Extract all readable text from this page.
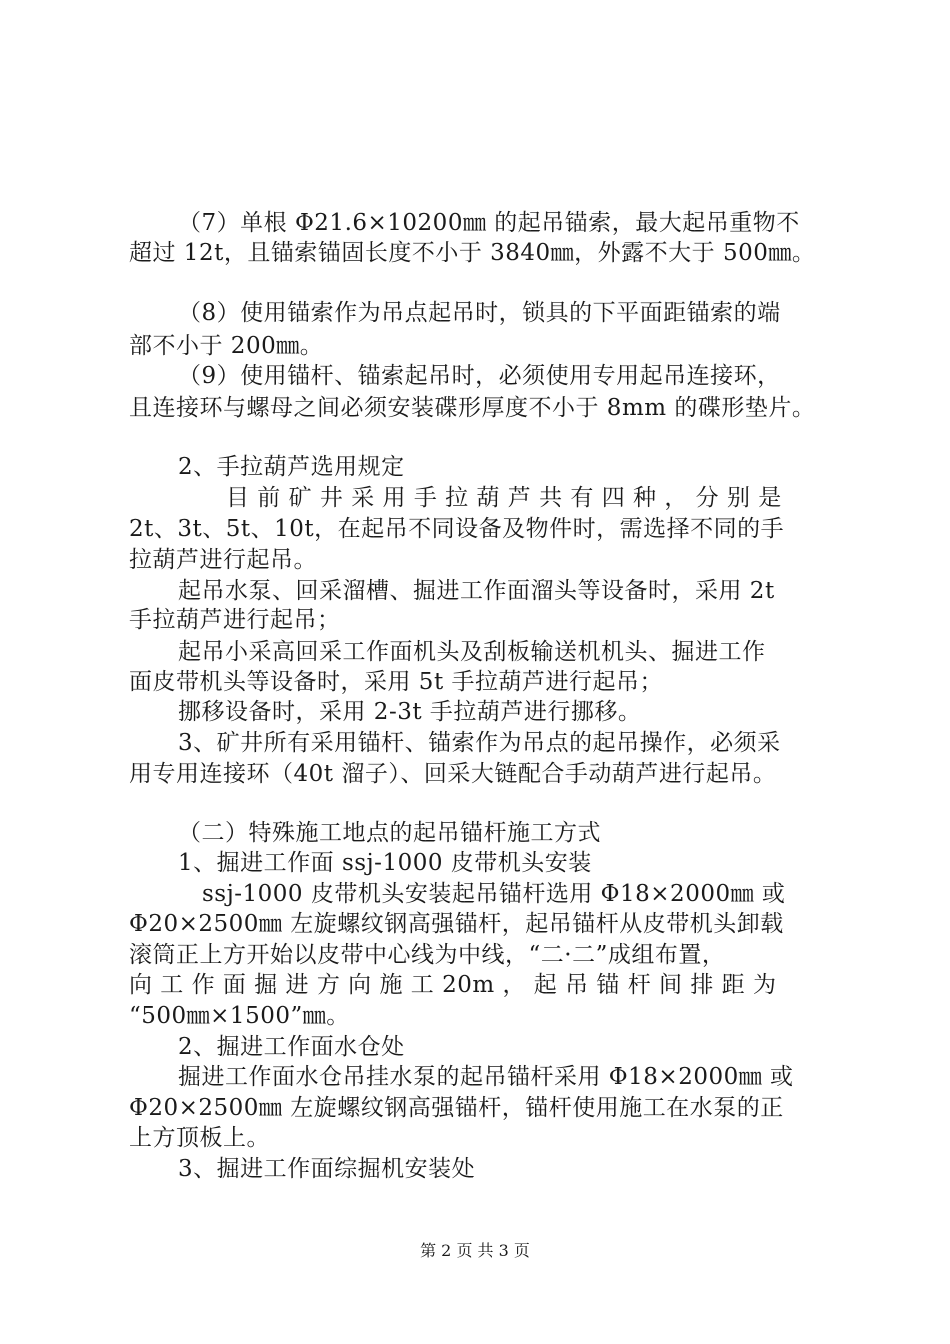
（7）单根 Φ21.6×10200㎜ 的起吊锚索，最大起吊重物不
超过 12t，且锚索锚固长度不小于 3840㎜，外露不大于 500㎜。
（8）使用锚索作为吊点起吊时，锁具的下平面距锚索的端
部不小于 200㎜。
（9）使用锚杆、锚索起吊时，必须使用专用起吊连接环，
且连接环与螺母之间必须安装碟形厚度不小于 8mm 的碟形垫片。
2、手拉葫芦选用规定
目 前 矿 井 采 用 手 拉 葫 芦 共 有 四 种 ， 分 别 是
2t、3t、5t、10t，在起吊不同设备及物件时，需选择不同的手
拉葫芦进行起吊。
起吊水泵、回采溜槽、掘进工作面溜头等设备时，采用 2t
手拉葫芦进行起吊；
起吊小采高回采工作面机头及刮板输送机机头、掘进工作
面皮带机头等设备时，采用 5t 手拉葫芦进行起吊；
挪移设备时，采用 2-3t 手拉葫芦进行挪移。
3、矿井所有采用锚杆、锚索作为吊点的起吊操作，必须采
用专用连接环（40t 溜子）、回采大链配合手动葫芦进行起吊。
（二）特殊施工地点的起吊锚杆施工方式
1、掘进工作面 ssj-1000 皮带机头安装
ssj-1000 皮带机头安装起吊锚杆选用 Φ18×2000㎜ 或
Φ20×2500㎜ 左旋螺纹钢高强锚杆，起吊锚杆从皮带机头卸载
滚筒正上方开始以皮带中心线为中线，“二·二”成组布置，
向 工 作 面 掘 进 方 向 施 工 20m ， 起 吊 锚 杆 间 排 距 为
“500㎜×1500”㎜。
2、掘进工作面水仓处
掘进工作面水仓吊挂水泵的起吊锚杆采用 Φ18×2000㎜ 或
Φ20×2500㎜ 左旋螺纹钢高强锚杆，锚杆使用施工在水泵的正
上方顶板上。
3、掘进工作面综掘机安装处
第 2 页 共 3 页
